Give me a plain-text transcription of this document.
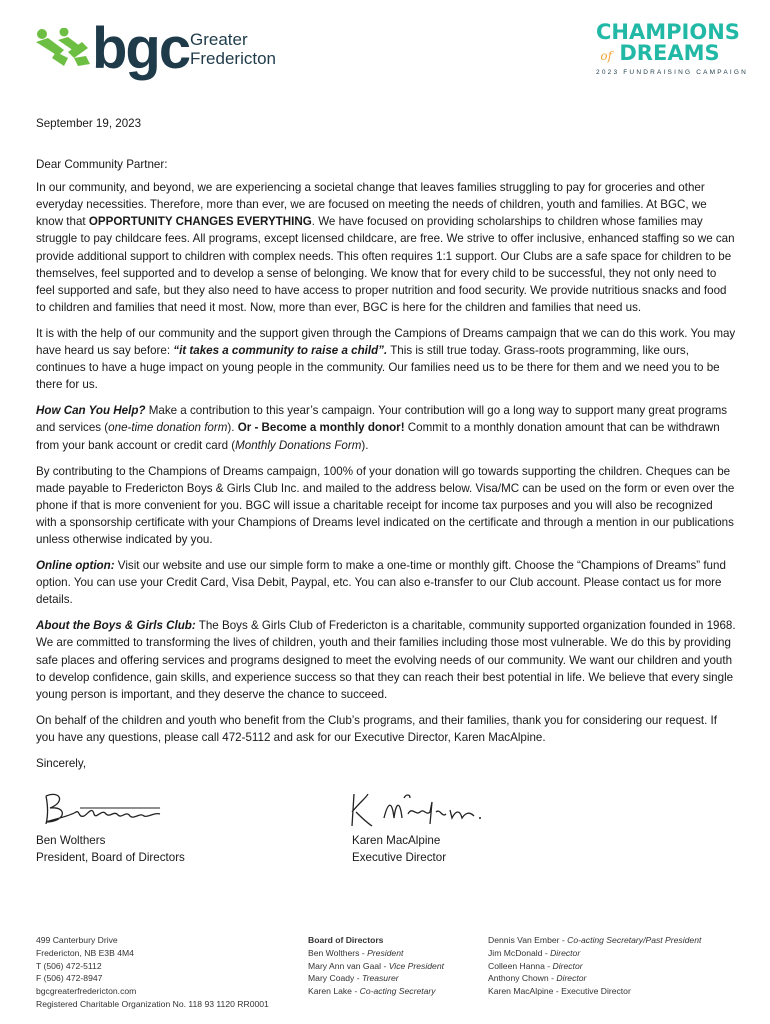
bgc Greater
Fredericton
CHAMPIONS
of DREAMS
2023 FUNDRAISING CAMPAIGN

September 19, 2023

Dear Community Partner:

In our community, and beyond, we are experiencing a societal change that leaves families struggling to pay for groceries and other everyday necessities. Therefore, more than ever, we are focused on meeting the needs of children, youth and families. At BGC, we know that OPPORTUNITY CHANGES EVERYTHING. We have focused on providing scholarships to children whose families may struggle to pay childcare fees. All programs, except licensed childcare, are free. We strive to offer inclusive, enhanced staffing so we can provide additional support to children with complex needs. This often requires 1:1 support. Our Clubs are a safe space for children to be themselves, feel supported and to develop a sense of belonging. We know that for every child to be successful, they not only need to feel supported and safe, but they also need to have access to proper nutrition and food security. We provide nutritious snacks and food to children and families that need it most. Now, more than ever, BGC is here for the children and families that need us.

It is with the help of our community and the support given through the Campions of Dreams campaign that we can do this work. You may have heard us say before: “it takes a community to raise a child”. This is still true today. Grass-roots programming, like ours, continues to have a huge impact on young people in the community. Our families need us to be there for them and we need you to be there for us.

How Can You Help? Make a contribution to this year’s campaign. Your contribution will go a long way to support many great programs and services (one-time donation form). Or - Become a monthly donor! Commit to a monthly donation amount that can be withdrawn from your bank account or credit card (Monthly Donations Form).

By contributing to the Champions of Dreams campaign, 100% of your donation will go towards supporting the children. Cheques can be made payable to Fredericton Boys & Girls Club Inc. and mailed to the address below. Visa/MC can be used on the form or even over the phone if that is more convenient for you. BGC will issue a charitable receipt for income tax purposes and you will also be recognized with a sponsorship certificate with your Champions of Dreams level indicated on the certificate and through a mention in our publications unless otherwise indicated by you.

Online option: Visit our website and use our simple form to make a one-time or monthly gift. Choose the “Champions of Dreams” fund option. You can use your Credit Card, Visa Debit, Paypal, etc. You can also e-transfer to our Club account. Please contact us for more details.

About the Boys & Girls Club: The Boys & Girls Club of Fredericton is a charitable, community supported organization founded in 1968. We are committed to transforming the lives of children, youth and their families including those most vulnerable. We do this by providing safe places and offering services and programs designed to meet the evolving needs of our community. We want our children and youth to develop confidence, gain skills, and experience success so that they can reach their best potential in life. We believe that every single young person is important, and they deserve the chance to succeed.

On behalf of the children and youth who benefit from the Club’s programs, and their families, thank you for considering our request. If you have any questions, please call 472-5112 and ask for our Executive Director, Karen MacAlpine.

Sincerely,

Ben Wolthers
President, Board of Directors
Karen MacAlpine
Executive Director
499 Canterbury Drive
Fredericton, NB E3B 4M4
T (506) 472-5112
F (506) 472-8947
bgcgreaterfredericton.com
Registered Charitable Organization No. 118 93 1120 RR0001
Board of Directors
Ben Wolthers - President
Mary Ann van Gaal - Vice President
Mary Coady - Treasurer
Karen Lake - Co-acting Secretary
Dennis Van Ember - Co-acting Secretary/Past President
Jim McDonald - Director
Colleen Hanna - Director
Anthony Chown - Director
Karen MacAlpine - Executive Director
